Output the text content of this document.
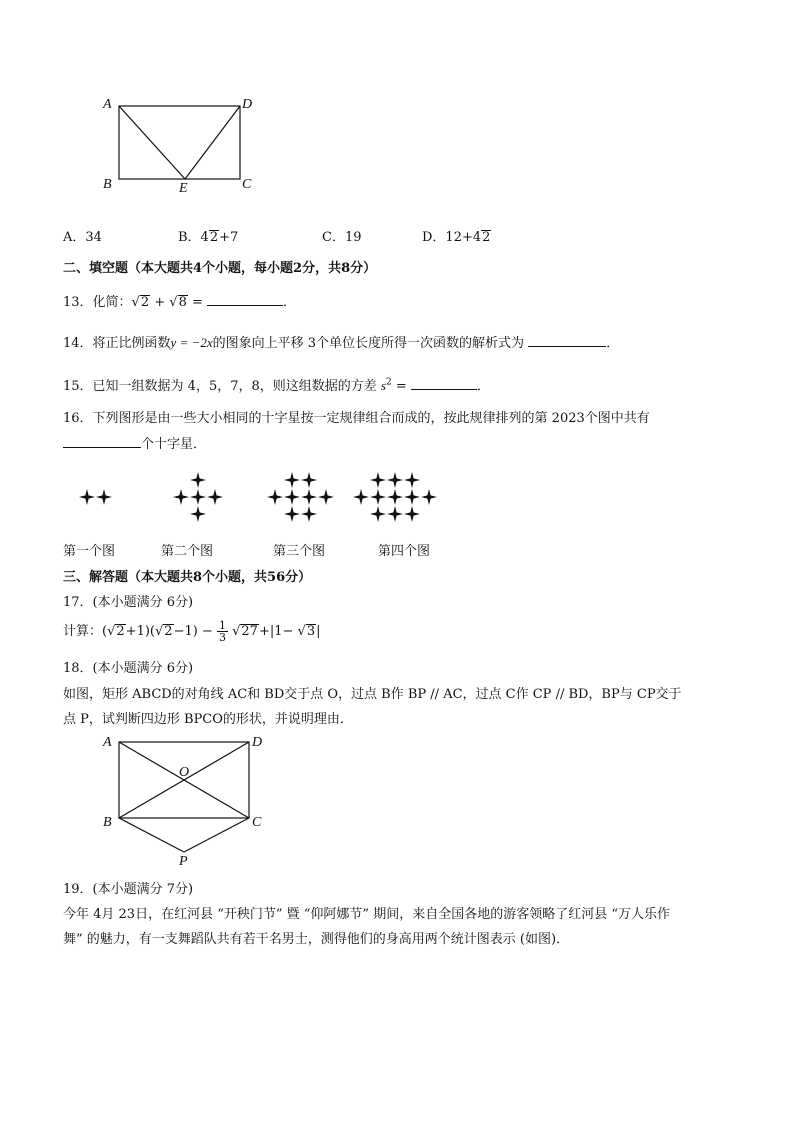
A	D
B	C
E
A．34	B．42+7	C．19	D．12+42
二、填空题（本大题共4个小题，每小题2分，共8分）
13．化简：√2 + √8 =	．
14．将正比例函数y = −2x的图象向上平移 3个单位长度所得一次函数的解析式为	．
15．已知一组数据为 4，5，7，8，则这组数据的方差 $s^2$ =	．
16．下列图形是由一些大小相同的十字星按一定规律组合而成的，按此规律排列的第 2023个图中共有
个十字星．
第一个图	第二个图	第三个图	第四个图
三、解答题（本大题共8个小题，共56分）
17．(本小题满分 6分)
计算：$(√2+1)(√2-1) - \frac{1}{3} √27+|1- √3|$
18．(本小题满分 6分)
如图，矩形 ABCD的对角线 AC和 BD交于点 O，过点 B作 BP // AC，过点 C作 CP // BD，BP与 CP交于
点 P，试判断四边形 BPCO的形状，并说明理由．
A	D
O
B	C
P
19．(本小题满分 7分)
今年 4月 23日，在红河县 “开秧门节” 暨 “仰阿娜节” 期间，来自全国各地的游客领略了红河县 “万人乐作
舞” 的魅力，有一支舞蹈队共有若干名男士，测得他们的身高用两个统计图表示 (如图)．
